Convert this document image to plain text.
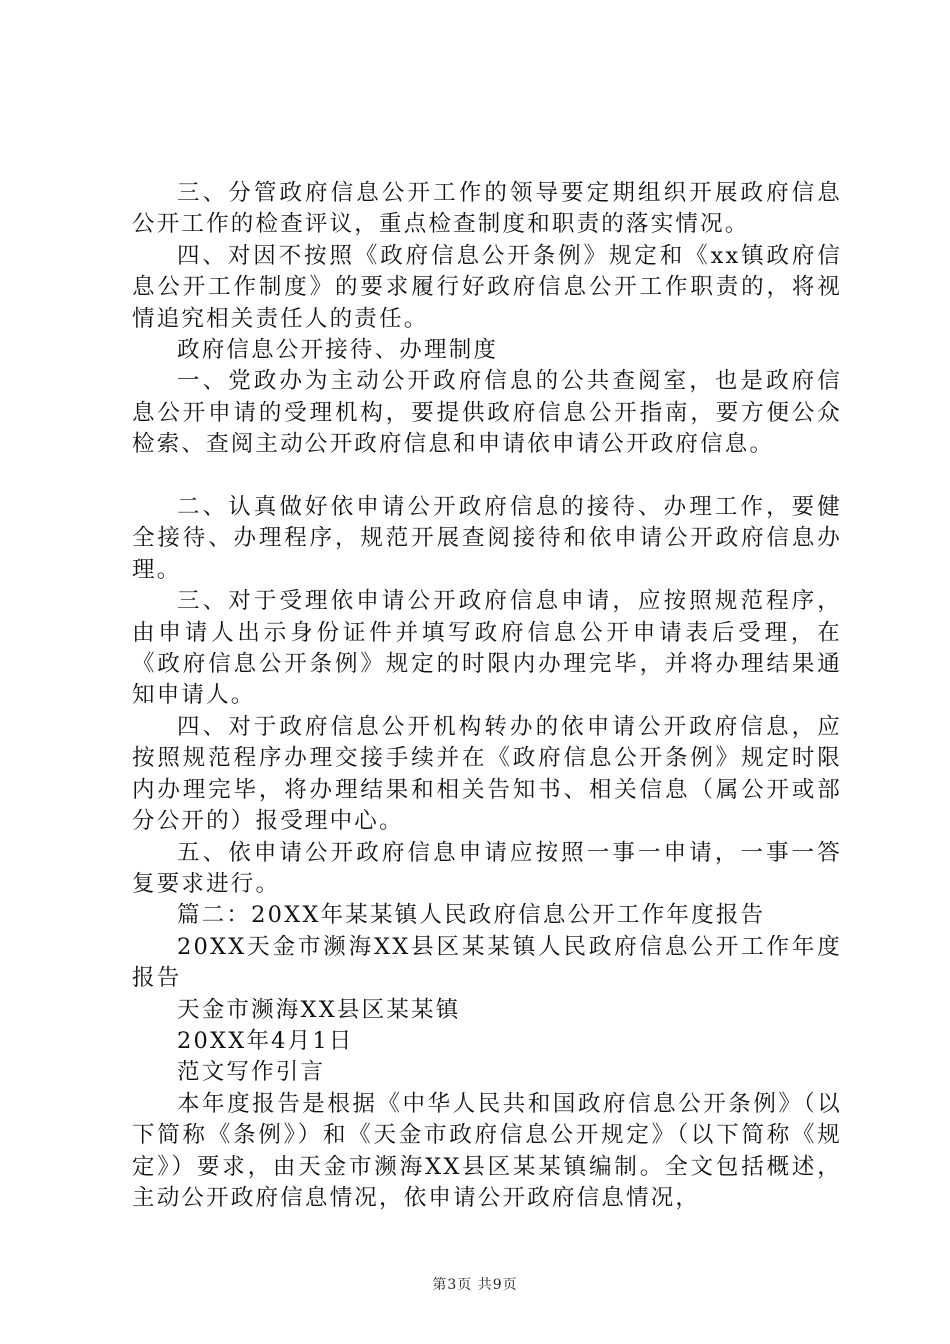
三、分管政府信息公开工作的领导要定期组织开展政府信息公开工作的检查评议，重点检查制度和职责的落实情况。

四、对因不按照《政府信息公开条例》规定和《xx镇政府信息公开工作制度》的要求履行好政府信息公开工作职责的，将视情追究相关责任人的责任。

政府信息公开接待、办理制度

一、党政办为主动公开政府信息的公共查阅室，也是政府信息公开申请的受理机构，要提供政府信息公开指南，要方便公众检索、查阅主动公开政府信息和申请依申请公开政府信息。

二、认真做好依申请公开政府信息的接待、办理工作，要健全接待、办理程序，规范开展查阅接待和依申请公开政府信息办理。

三、对于受理依申请公开政府信息申请，应按照规范程序，由申请人出示身份证件并填写政府信息公开申请表后受理，在《政府信息公开条例》规定的时限内办理完毕，并将办理结果通知申请人。

四、对于政府信息公开机构转办的依申请公开政府信息，应按照规范程序办理交接手续并在《政府信息公开条例》规定时限内办理完毕，将办理结果和相关告知书、相关信息（属公开或部分公开的）报受理中心。

五、依申请公开政府信息申请应按照一事一申请，一事一答复要求进行。

篇二：20XX年某某镇人民政府信息公开工作年度报告

20XX天金市濒海XX县区某某镇人民政府信息公开工作年度报告

天金市濒海XX县区某某镇

20XX年4月1日

范文写作引言

本年度报告是根据《中华人民共和国政府信息公开条例》（以下简称《条例》）和《天金市政府信息公开规定》（以下简称《规定》）要求，由天金市濒海XX县区某某镇编制。全文包括概述，主动公开政府信息情况，依申请公开政府信息情况，

第3页 共9页
